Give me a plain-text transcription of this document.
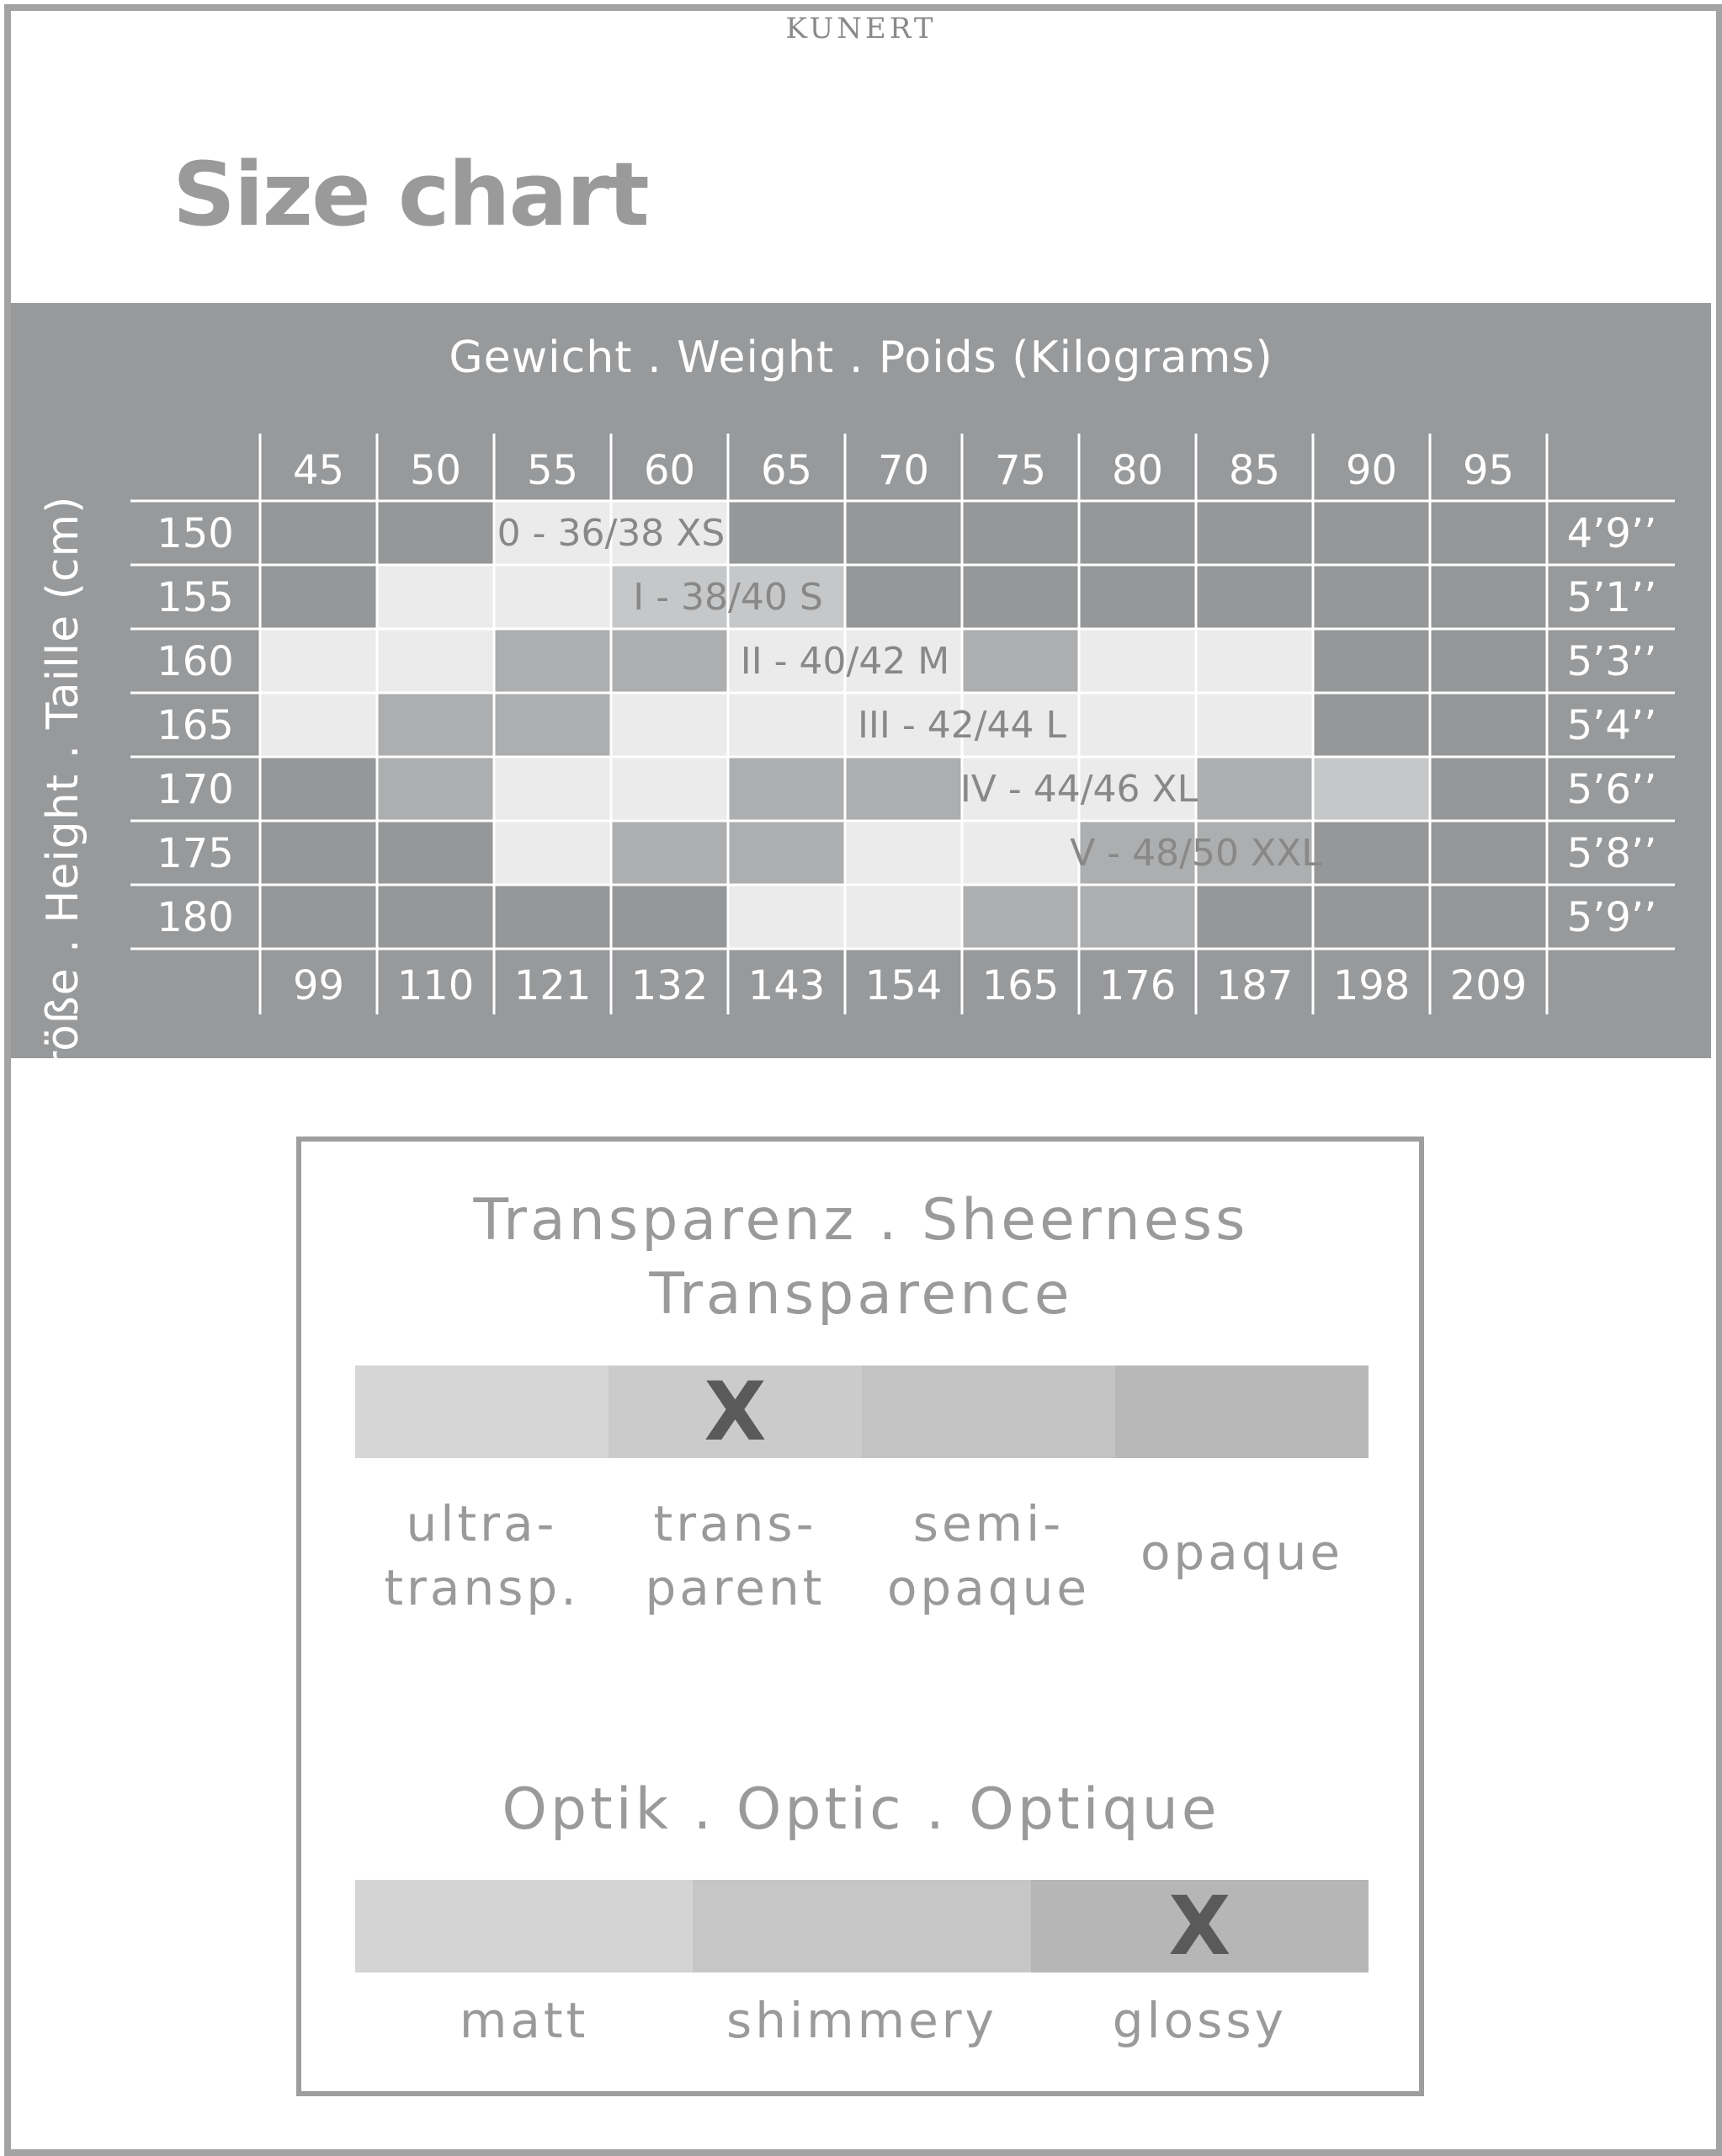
KUNERT
Size chart
Gewicht . Weight . Poids (Kilograms)
Größe . Height . Taille (cm)
45 50 55 60 65 70 75 80 85 90 95
99 110 121 132 143 154 165 176 187 198 209
150
155
160
165
170
175
180
4’9’’
5’1’’
5’3’’
5’4’’
5’6’’
5’8’’
5’9’’
0 - 36/38 XS
I - 38/40 S
II - 40/42 M
III - 42/44 L
IV - 44/46 XL
V - 48/50 XXL
Transparenz . Sheerness
Transparence
X
ultra-
transp.
trans-
parent
semi-
opaque
opaque
Optik . Optic . Optique
X
matt	shimmery	glossy
